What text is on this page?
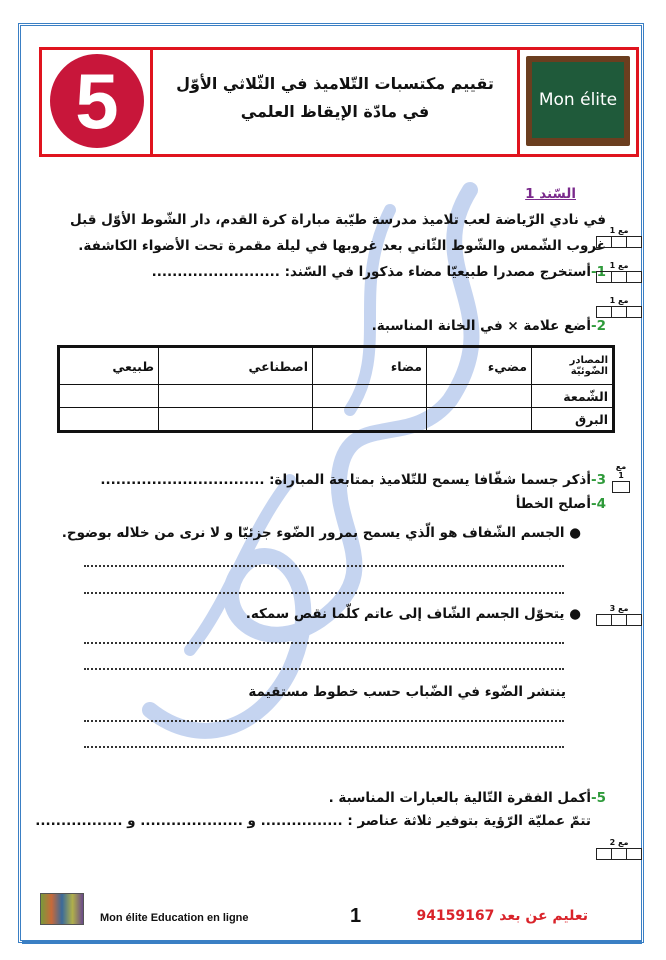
5	تقييم مكتسبات التّلاميذ في الثّلاثي الأوّل
في مادّة الإيقاظ العلمي
Mon élite
السّند 1
في نادي الرّياضة لعب تلاميذ مدرسة طيّبة مباراة كرة القدم، دار الشّوط الأوّل قبل
غروب الشّمس والشّوط الثّاني بعد غروبها في ليلة مقمرة تحت الأضواء الكاشفة.
1-أستخرج مصدرا طبيعيّا مضاء مذكورا في السّند: .........................
2-أضع علامة × في الخانة المناسبة.
المصادر الضّوئيّة	مضيء	مضاء	اصطناعي	طبيعي
الشّمعة				
البرق				
3-أذكر جسما شفّافا يسمح للتّلاميذ بمتابعة المباراة: ................................
4-أصلح الخطأ
● الجسم الشّفاف هو الّذي يسمح بمرور الضّوء جزئيّا و لا نرى من خلاله بوضوح.
● يتحوّل الجسم الشّاف إلى عاتم كلّما نقص سمكه.
ينتشر الضّوء في الضّباب حسب خطوط مستقيمة
5-أكمل الفقرة التّالية بالعبارات المناسبة .
تتمّ عمليّة الرّؤية بتوفير ثلاثة عناصر : ................ و .................... و .................
مع 1
مع 1
مع 1
مع 1
مع 3
مع 2
Mon élite Education en ligne	1	تعليم عن بعد 94159167
